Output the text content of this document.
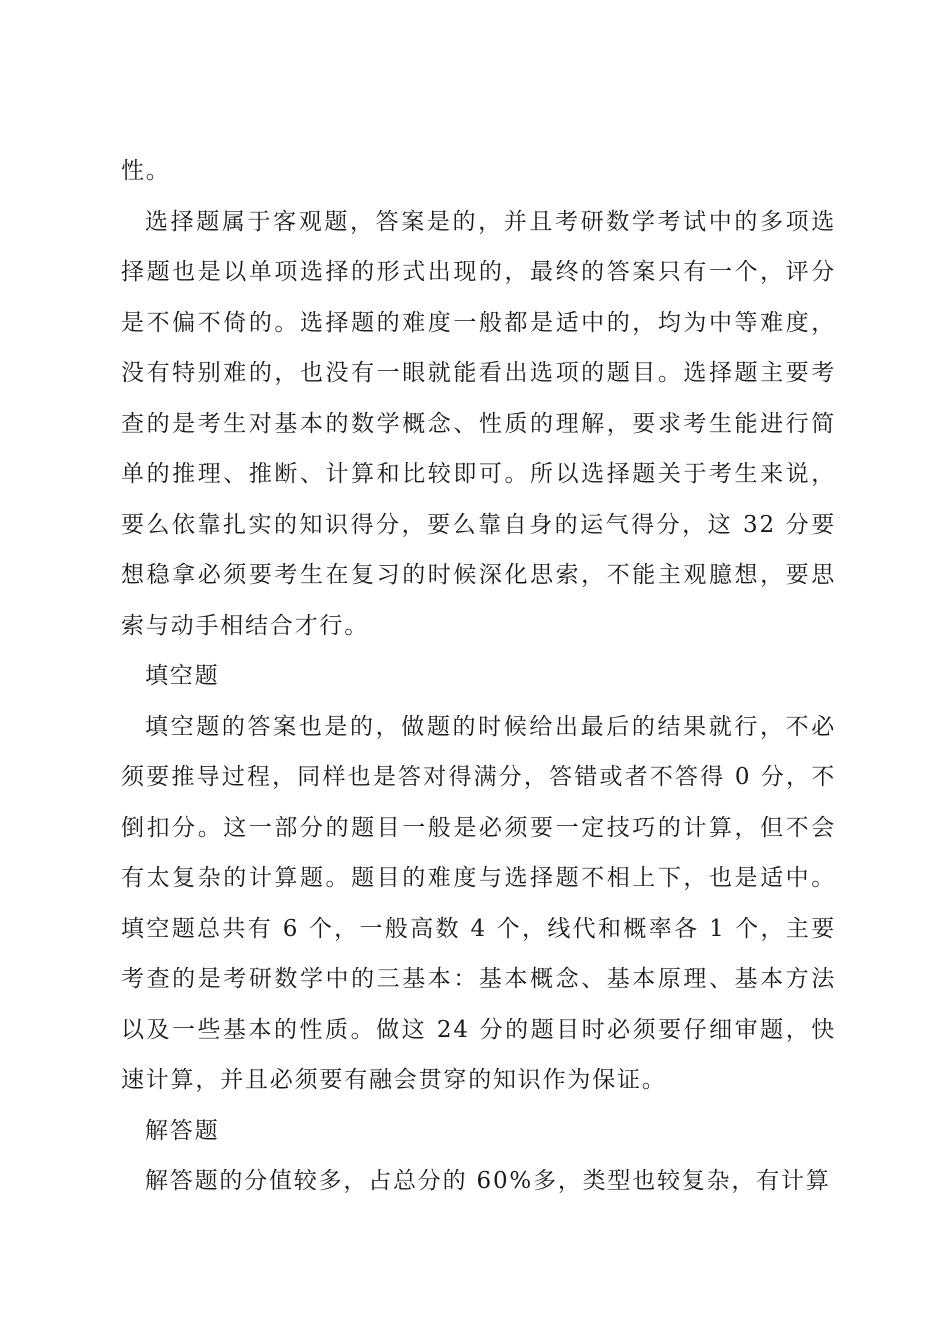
性。

选择题属于客观题，答案是的，并且考研数学考试中的多项选择题也是以单项选择的形式出现的，最终的答案只有一个，评分是不偏不倚的。选择题的难度一般都是适中的，均为中等难度，没有特别难的，也没有一眼就能看出选项的题目。选择题主要考查的是考生对基本的数学概念、性质的理解，要求考生能进行简单的推理、推断、计算和比较即可。所以选择题关于考生来说，要么依靠扎实的知识得分，要么靠自身的运气得分，这 32 分要想稳拿必须要考生在复习的时候深化思索，不能主观臆想，要思索与动手相结合才行。

填空题

填空题的答案也是的，做题的时候给出最后的结果就行，不必须要推导过程，同样也是答对得满分，答错或者不答得 0 分，不倒扣分。这一部分的题目一般是必须要一定技巧的计算，但不会有太复杂的计算题。题目的难度与选择题不相上下，也是适中。填空题总共有 6 个，一般高数 4 个，线代和概率各 1 个，主要考查的是考研数学中的三基本：基本概念、基本原理、基本方法以及一些基本的性质。做这 24 分的题目时必须要仔细审题，快速计算，并且必须要有融会贯穿的知识作为保证。

解答题

解答题的分值较多，占总分的 60%多，类型也较复杂，有计算
